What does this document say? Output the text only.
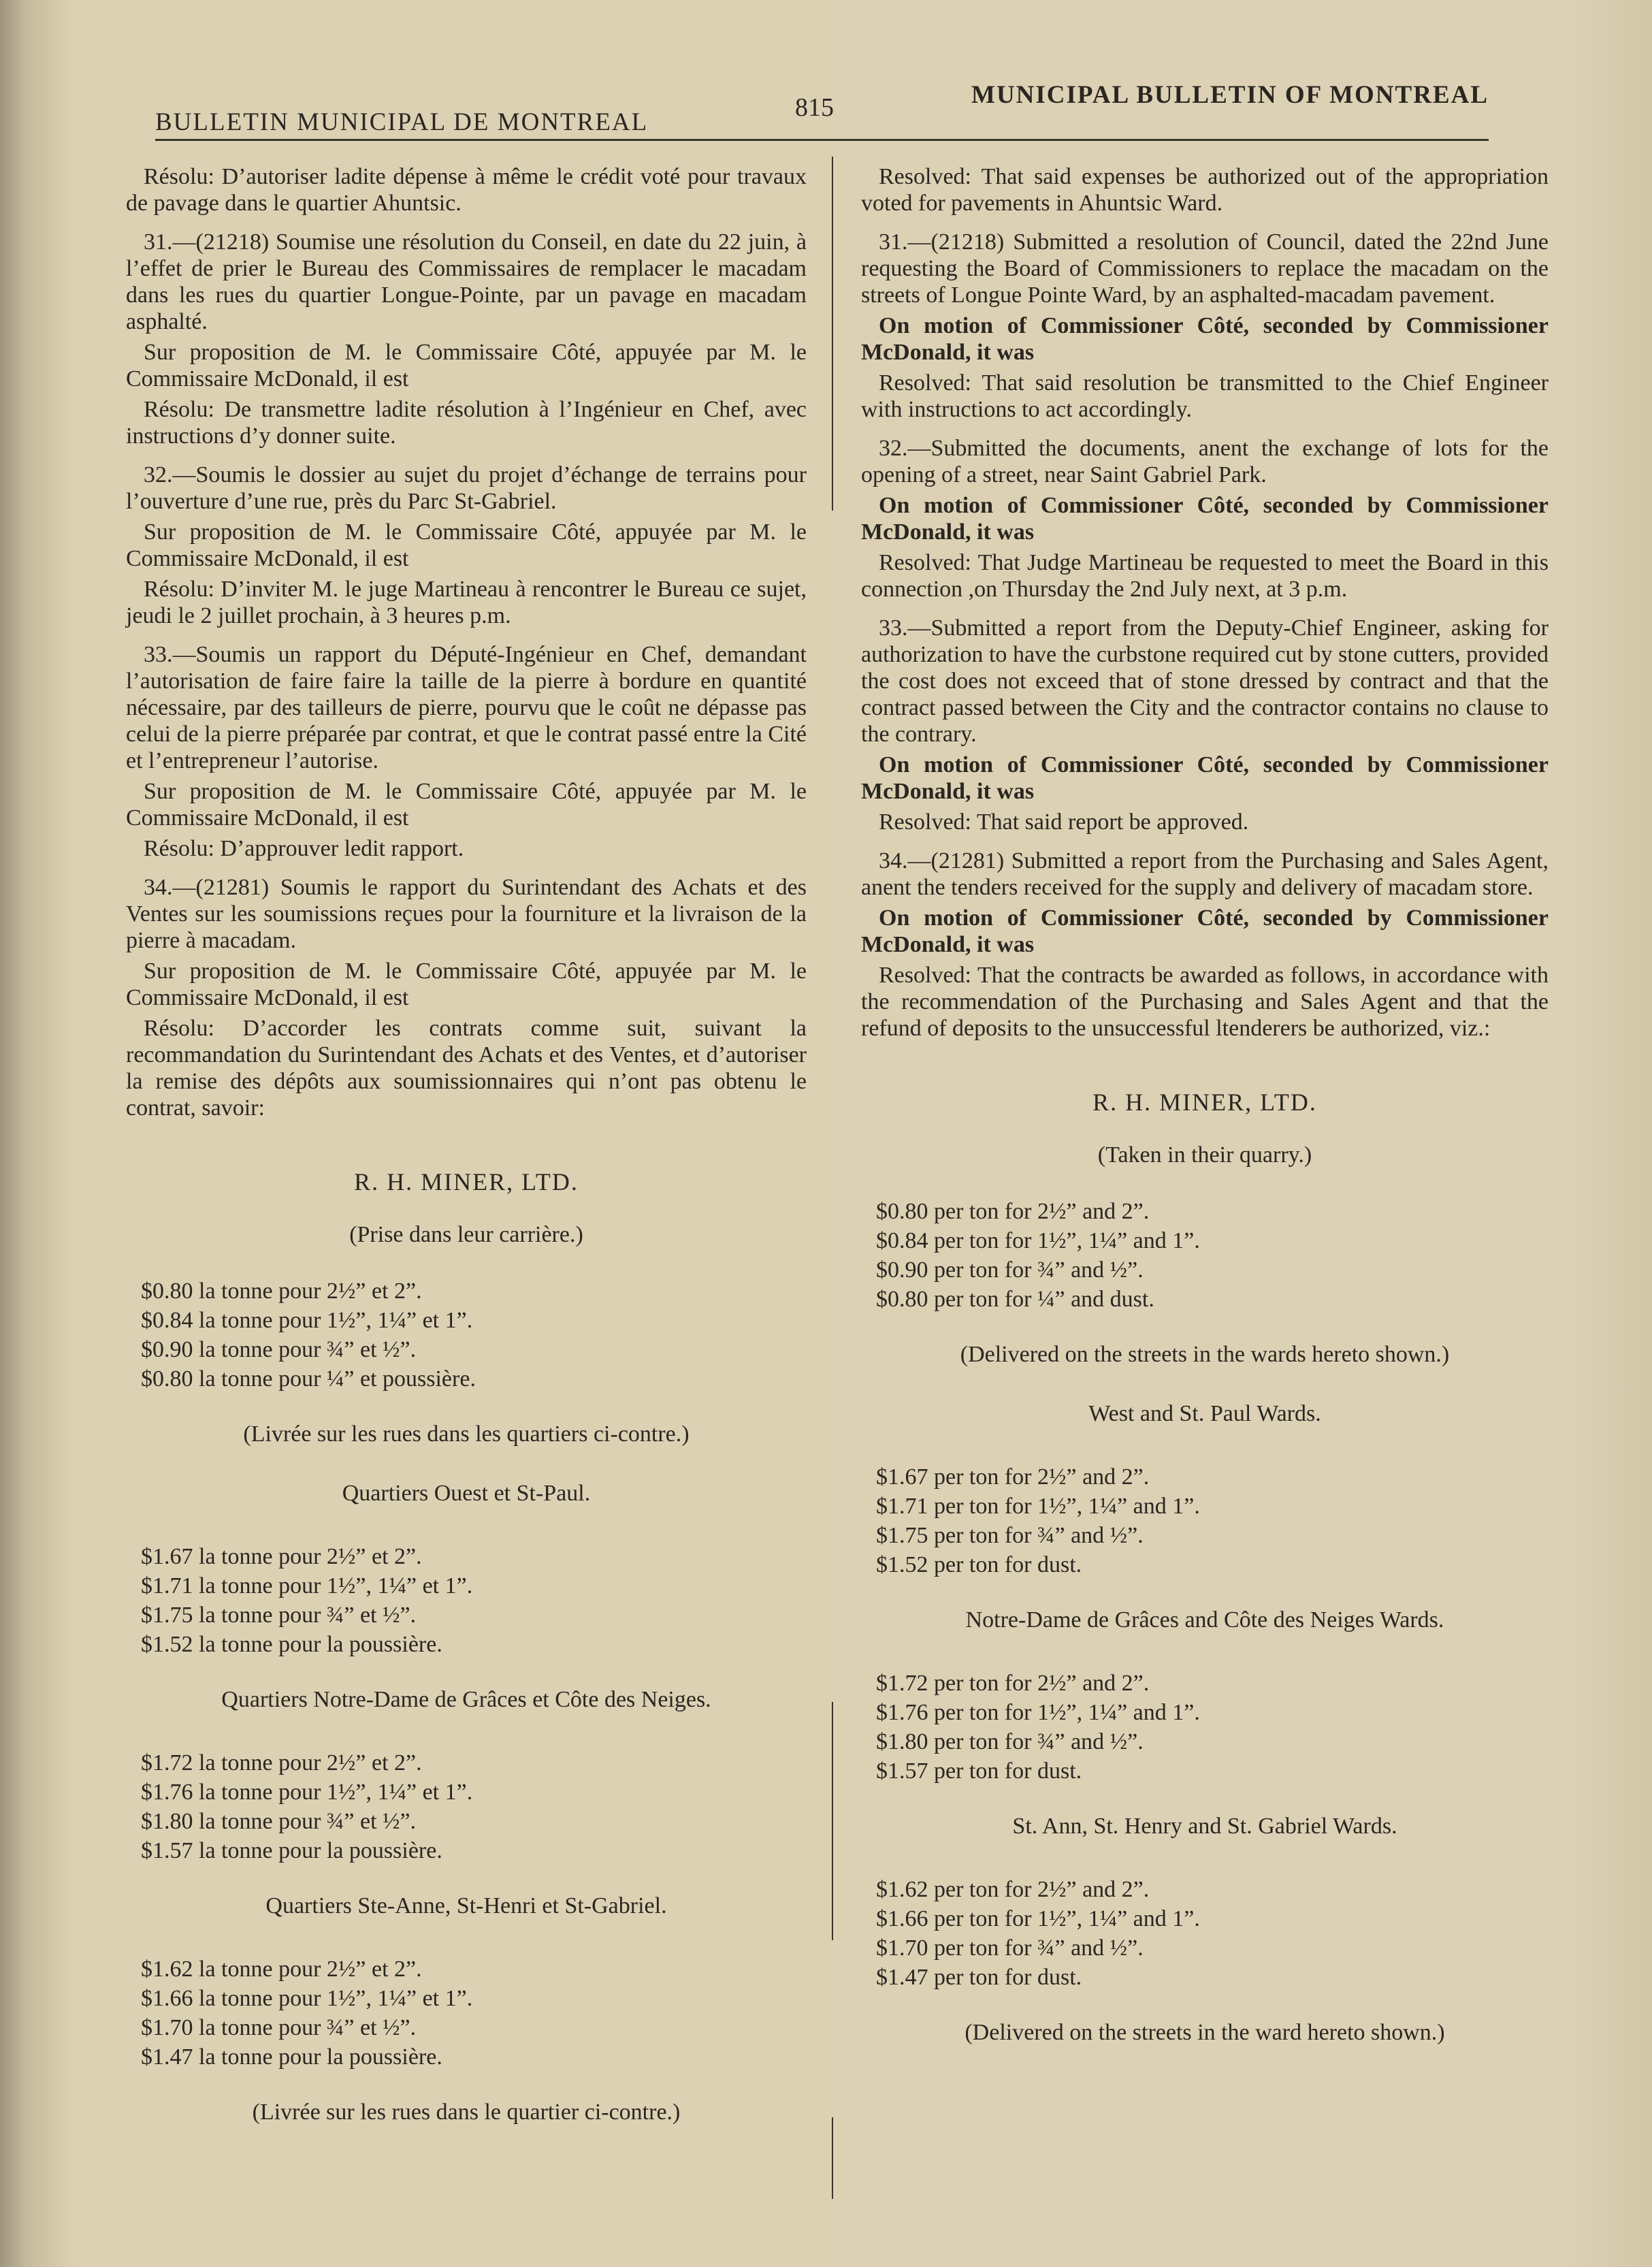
BULLETIN MUNICIPAL DE MONTREAL
815	MUNICIPAL BULLETIN OF MONTREAL

Résolu: D’autoriser ladite dépense à même le crédit voté pour travaux de pavage dans le quartier Ahuntsic.

31.—(21218) Soumise une résolution du Conseil, en date du 22 juin, à l’effet de prier le Bureau des Commissaires de remplacer le macadam dans les rues du quartier Longue-Pointe, par un pavage en macadam asphalté.

Sur proposition de M. le Commissaire Côté, appuyée par M. le Commissaire McDonald, il est

Résolu: De transmettre ladite résolution à l’Ingénieur en Chef, avec instructions d’y donner suite.

32.—Soumis le dossier au sujet du projet d’échange de terrains pour l’ouverture d’une rue, près du Parc St-Gabriel.

Sur proposition de M. le Commissaire Côté, appuyée par M. le Commissaire McDonald, il est

Résolu: D’inviter M. le juge Martineau à rencontrer le Bureau ce sujet, jeudi le 2 juillet prochain, à 3 heures p.m.

33.—Soumis un rapport du Député-Ingénieur en Chef, demandant l’autorisation de faire faire la taille de la pierre à bordure en quantité nécessaire, par des tailleurs de pierre, pourvu que le coût ne dépasse pas celui de la pierre préparée par contrat, et que le contrat passé entre la Cité et l’entrepreneur l’autorise.

Sur proposition de M. le Commissaire Côté, appuyée par M. le Commissaire McDonald, il est

Résolu: D’approuver ledit rapport.

34.—(21281) Soumis le rapport du Surintendant des Achats et des Ventes sur les soumissions reçues pour la fourniture et la livraison de la pierre à macadam.

Sur proposition de M. le Commissaire Côté, appuyée par M. le Commissaire McDonald, il est

Résolu: D’accorder les contrats comme suit, suivant la recommandation du Surintendant des Achats et des Ventes, et d’autoriser la remise des dépôts aux soumissionnaires qui n’ont pas obtenu le contrat, savoir:

R. H. MINER, LTD.
(Prise dans leur carrière.)
$0.80 la tonne pour 2½” et 2”.
$0.84 la tonne pour 1½”, 1¼” et 1”.
$0.90 la tonne pour ¾” et ½”.
$0.80 la tonne pour ¼” et poussière.
(Livrée sur les rues dans les quartiers ci-contre.)
Quartiers Ouest et St-Paul.
$1.67 la tonne pour 2½” et 2”.
$1.71 la tonne pour 1½”, 1¼” et 1”.
$1.75 la tonne pour ¾” et ½”.
$1.52 la tonne pour la poussière.
Quartiers Notre-Dame de Grâces et Côte des Neiges.
$1.72 la tonne pour 2½” et 2”.
$1.76 la tonne pour 1½”, 1¼” et 1”.
$1.80 la tonne pour ¾” et ½”.
$1.57 la tonne pour la poussière.
Quartiers Ste-Anne, St-Henri et St-Gabriel.
$1.62 la tonne pour 2½” et 2”.
$1.66 la tonne pour 1½”, 1¼” et 1”.
$1.70 la tonne pour ¾” et ½”.
$1.47 la tonne pour la poussière.
(Livrée sur les rues dans le quartier ci-contre.)

Resolved: That said expenses be authorized out of the appropriation voted for pavements in Ahuntsic Ward.

31.—(21218) Submitted a resolution of Council, dated the 22nd June requesting the Board of Commissioners to replace the macadam on the streets of Longue Pointe Ward, by an asphalted-macadam pavement.

On motion of Commissioner Côté, seconded by Commissioner McDonald, it was

Resolved: That said resolution be transmitted to the Chief Engineer with instructions to act accordingly.

32.—Submitted the documents, anent the exchange of lots for the opening of a street, near Saint Gabriel Park.

On motion of Commissioner Côté, seconded by Commissioner McDonald, it was

Resolved: That Judge Martineau be requested to meet the Board in this connection ,on Thursday the 2nd July next, at 3 p.m.

33.—Submitted a report from the Deputy-Chief Engineer, asking for authorization to have the curbstone required cut by stone cutters, provided the cost does not exceed that of stone dressed by contract and that the contract passed between the City and the contractor contains no clause to the contrary.

On motion of Commissioner Côté, seconded by Commissioner McDonald, it was

Resolved: That said report be approved.

34.—(21281) Submitted a report from the Purchasing and Sales Agent, anent the tenders received for the supply and delivery of macadam store.

On motion of Commissioner Côté, seconded by Commissioner McDonald, it was

Resolved: That the contracts be awarded as follows, in accordance with the recommendation of the Purchasing and Sales Agent and that the refund of deposits to the unsuccessful ltenderers be authorized, viz.:

R. H. MINER, LTD.
(Taken in their quarry.)
$0.80 per ton for 2½” and 2”.
$0.84 per ton for 1½”, 1¼” and 1”.
$0.90 per ton for ¾” and ½”.
$0.80 per ton for ¼” and dust.
(Delivered on the streets in the wards hereto shown.)
West and St. Paul Wards.
$1.67 per ton for 2½” and 2”.
$1.71 per ton for 1½”, 1¼” and 1”.
$1.75 per ton for ¾” and ½”.
$1.52 per ton for dust.
Notre-Dame de Grâces and Côte des Neiges Wards.
$1.72 per ton for 2½” and 2”.
$1.76 per ton for 1½”, 1¼” and 1”.
$1.80 per ton for ¾” and ½”.
$1.57 per ton for dust.
St. Ann, St. Henry and St. Gabriel Wards.
$1.62 per ton for 2½” and 2”.
$1.66 per ton for 1½”, 1¼” and 1”.
$1.70 per ton for ¾” and ½”.
$1.47 per ton for dust.
(Delivered on the streets in the ward hereto shown.)
